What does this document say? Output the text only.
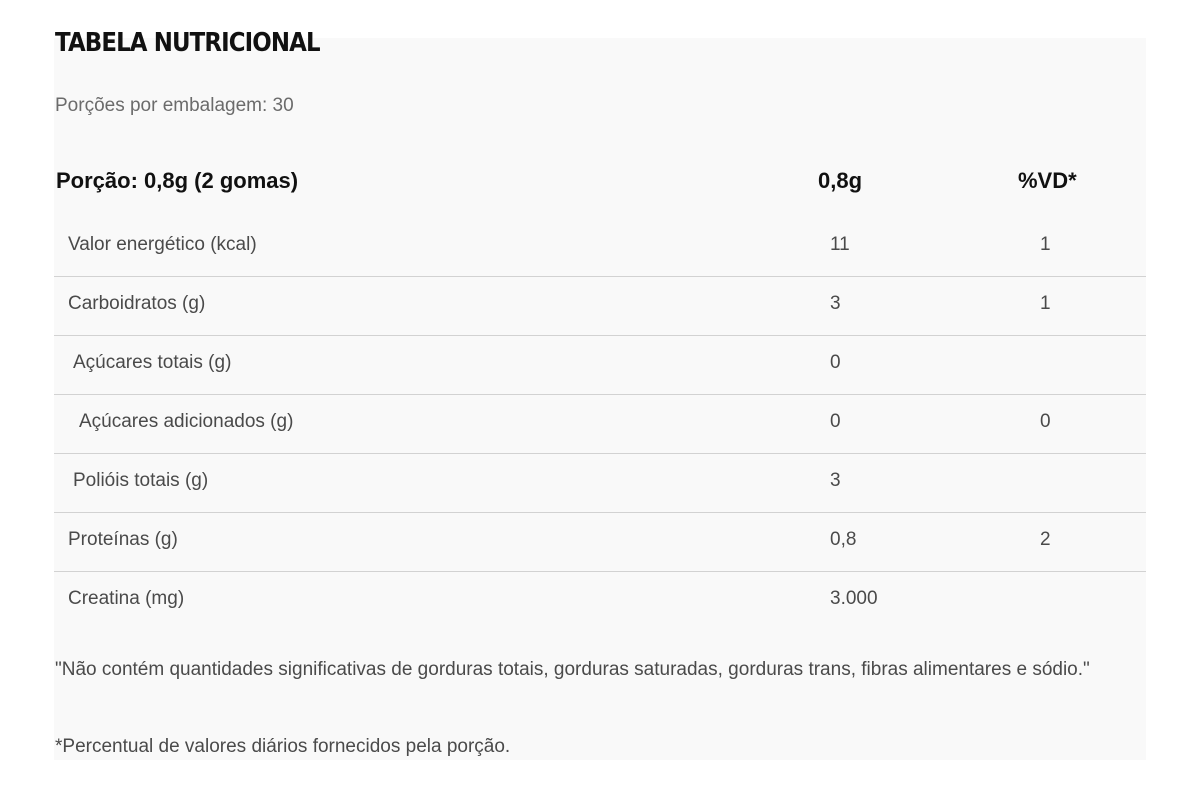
TABELA NUTRICIONAL
Porções por embalagem: 30
Porção: 0,8g (2 gomas)	0,8g	%VD*
Valor energético (kcal)	11	1
Carboidratos (g)	3	1
Açúcares totais (g)	0
Açúcares adicionados (g)	0	0
Polióis totais (g)	3
Proteínas (g)	0,8	2
Creatina (mg)	3.000
"Não contém quantidades significativas de gorduras totais, gorduras saturadas, gorduras trans, fibras alimentares e sódio."
*Percentual de valores diários fornecidos pela porção.
